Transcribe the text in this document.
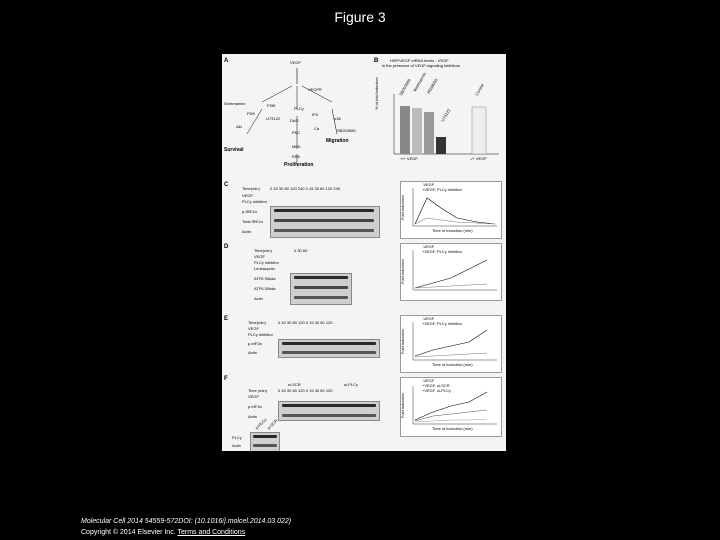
Figure 3
A	VEGF
VEGFR
Wortmannin	PI3K
PDK
U73122
PLCγ
IP3
DAG
Ca
p38
SB203580
PKC
Akt
Survival
Migration
MEK
ERK
Proliferation
B	HSP/VEGF mRNA levels - VEGF
in the presence of VEGF-signaling inhibitors
% of fold induction
+/+ VEGF	-/+ VEGF
SB203580 Wortmannin
PD98059
U73122
Control
C
Time(min)	0 15 30 60 120 240 0 15 30 60 120 240
VEGF
PLCγ inhibitor
p-IRE1α
Total IRE1α
Actin
-VEGF
+VEGF, PLCγ inhibitor
Time of induction (min)
Fold induction
D
Time(min)	0 30 60
VEGF
PLCγ inhibitor
Leukacyclin
ATF6 90kda
ATF6 50kda
Actin
-VEGF
+VEGF, PLCγ inhibitor
Fold induction
E
Time(min)	0 15 30 60 120 0 15 30 60 120
VEGF
PLCγ inhibitor
p-eIF2α
Actin
-VEGF
+VEGF, PLCγ inhibitor
Time of induction (min)
Fold induction
F
si-SCR	si-PLCγ
Time (min)	0 15 30 60 120 0 15 30 60 120
VEGF
p-eIF2α
Actin
si-PLCγ
si-SCR
PLCγ
Actin
-VEGF
+VEGF, si-SCR
+VEGF, si-PLCγ
Time of induction (min)
Fold induction
Molecular Cell 2014 54559-572DOI: (10.1016/j.molcel.2014.03.022)
Copyright © 2014 Elsevier Inc. Terms and Conditions
